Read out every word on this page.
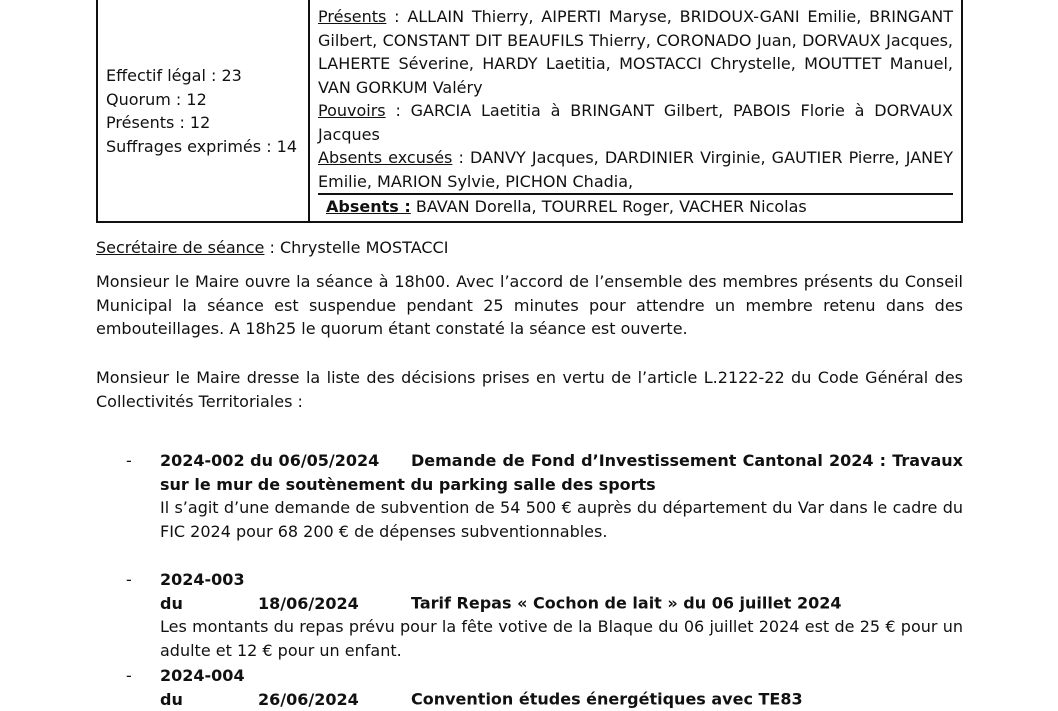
Effectif légal : 23
Quorum : 12
Présents : 12
Suffrages exprimés : 14

Présents : ALLAIN Thierry, AIPERTI Maryse, BRIDOUX-GANI Emilie, BRINGANT Gilbert, CONSTANT DIT BEAUFILS Thierry, CORONADO Juan, DORVAUX Jacques, LAHERTE Séverine, HARDY Laetitia, MOSTACCI Chrystelle, MOUTTET Manuel, VAN GORKUM Valéry

Pouvoirs : GARCIA Laetitia à BRINGANT Gilbert, PABOIS Florie à DORVAUX Jacques

Absents excusés : DANVY Jacques, DARDINIER Virginie, GAUTIER Pierre, JANEY Emilie, MARION Sylvie, PICHON Chadia,

Absents : BAVAN Dorella, TOURREL Roger, VACHER Nicolas

Secrétaire de séance : Chrystelle MOSTACCI

Monsieur le Maire ouvre la séance à 18h00. Avec l’accord de l’ensemble des membres présents du Conseil Municipal la séance est suspendue pendant 25 minutes pour attendre un membre retenu dans des embouteillages. A 18h25 le quorum étant constaté la séance est ouverte.

Monsieur le Maire dresse la liste des décisions prises en vertu de l’article L.2122-22 du Code Général des Collectivités Territoriales :

- 2024-002 du 06/05/2024 Demande de Fond d’Investissement Cantonal 2024 : Travaux sur le mur de soutènement du parking salle des sports
Il s’agit d’une demande de subvention de 54 500 € auprès du département du Var dans le cadre du FIC 2024 pour 68 200 € de dépenses subventionnables.
- 2024-003 du	18/06/2024	Tarif Repas « Cochon de lait » du 06 juillet 2024
Les montants du repas prévu pour la fête votive de la Blaque du 06 juillet 2024 est de 25 € pour un adulte et 12 € pour un enfant.
- 2024-004 du	26/06/2024	Convention études énergétiques avec TE83
